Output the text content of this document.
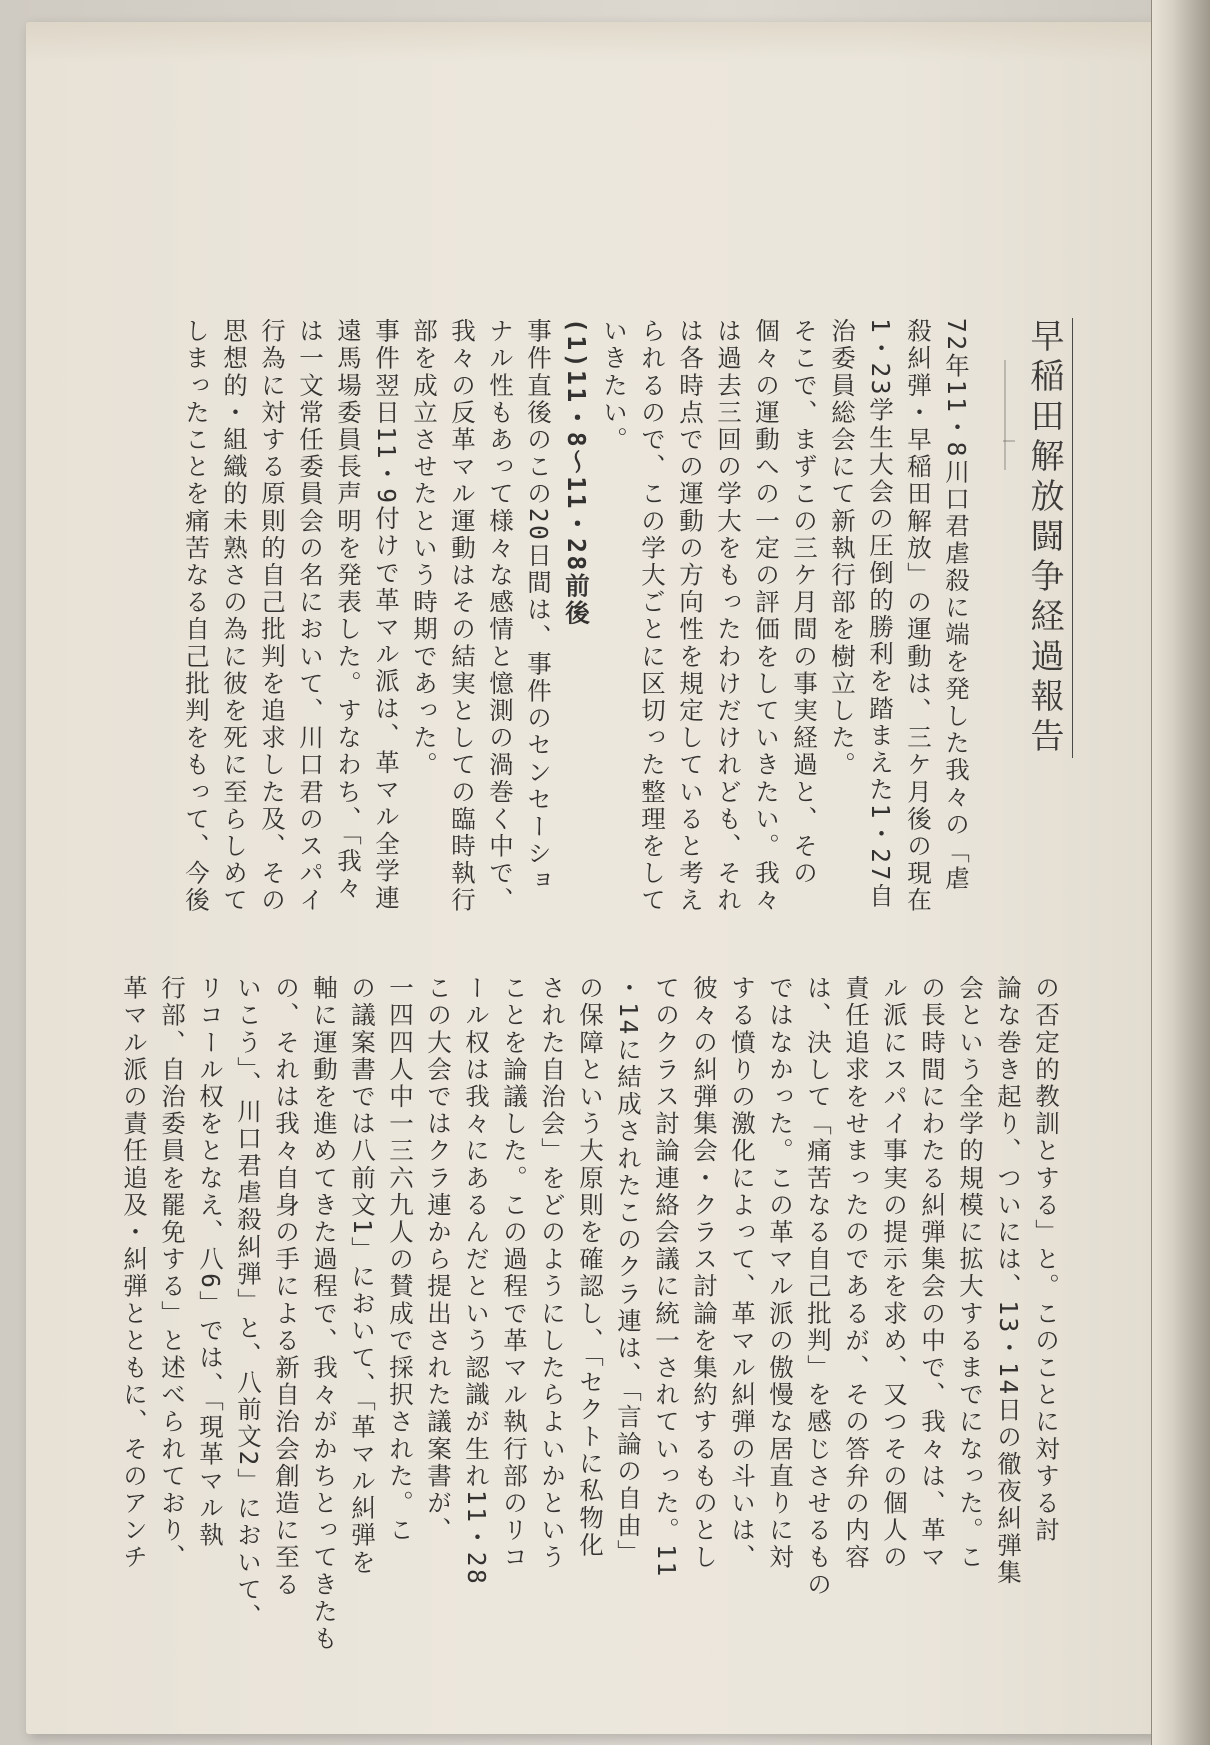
早稲田解放闘争経過報告
72年11・8川口君虐殺に端を発した我々の「虐
殺糾弾・早稲田解放」の運動は、三ケ月後の現在
1・23学生大会の圧倒的勝利を踏まえた1・27自
治委員総会にて新執行部を樹立した。
そこで、まずこの三ケ月間の事実経過と、その
個々の運動への一定の評価をしていきたい。我々
は過去三回の学大をもったわけだけれども、それ
は各時点での運動の方向性を規定していると考え
られるので、この学大ごとに区切った整理をして
いきたい。
(1)11・8〜11・28前後
事件直後のこの20日間は、事件のセンセーショ
ナル性もあって様々な感情と憶測の渦巻く中で、
我々の反革マル運動はその結実としての臨時執行
部を成立させたという時期であった。
事件翌日11・9付けで革マル派は、革マル全学連
遠馬場委員長声明を発表した。すなわち、「我々
は一文常任委員会の名において、川口君のスパイ
行為に対する原則的自己批判を追求した及、その
思想的・組織的未熟さの為に彼を死に至らしめて
しまったことを痛苦なる自己批判をもって、今後
の否定的教訓とする」と。このことに対する討
論な巻き起り、ついには、13・14日の徹夜糾弾集
会という全学的規模に拡大するまでになった。こ
の長時間にわたる糾弾集会の中で、我々は、革マ
ル派にスパイ事実の提示を求め、又つその個人の
責任追求をせまったのであるが、その答弁の内容
は、決して「痛苦なる自己批判」を感じさせるもの
ではなかった。この革マル派の傲慢な居直りに対
する憤りの激化によって、革マル糾弾の斗いは、
彼々の糾弾集会・クラス討論を集約するものとし
てのクラス討論連絡会議に統一されていった。11
・14に結成されたこのクラ連は、「言論の自由」
の保障という大原則を確認し、「セクトに私物化
された自治会」をどのようにしたらよいかという
ことを論議した。この過程で革マル執行部のリコ
ール权は我々にあるんだという認識が生れ11・28
この大会ではクラ連から提出された議案書が、
一四四人中一三六九人の賛成で採択された。こ
の議案書では八前文1」において、「革マル糾弾を
軸に運動を進めてきた過程で、我々がかちとってきたも
の、それは我々自身の手による新自治会創造に至る
いこう」、川口君虐殺糾弾」と、八前文2」において、
リコール权をとなえ、八6」では、「現革マル執
行部、自治委員を罷免する」と述べられており、
革マル派の責任追及・糾弾とともに、そのアンチ
